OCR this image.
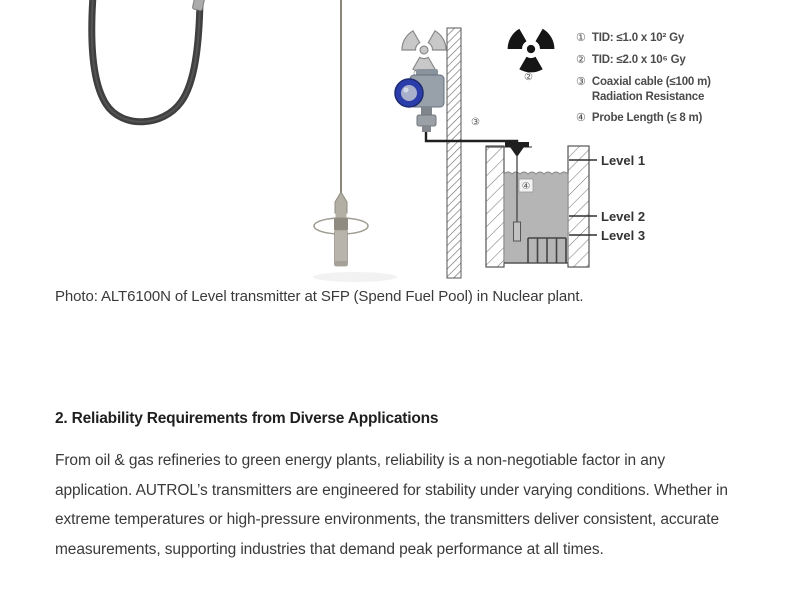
②
③
④
Level 1
Level 2
Level 3
① TID: ≤1.0 x 10² Gy
② TID: ≤2.0 x 10⁶ Gy
③ Coaxial cable (≤100 m)
Radiation Resistance
④ Probe Length (≤ 8 m)
Photo: ALT6100N of Level transmitter at SFP (Spend Fuel Pool) in Nuclear plant.
2. Reliability Requirements from Diverse Applications
From oil & gas refineries to green energy plants, reliability is a non-negotiable factor in any application. AUTROL’s transmitters are engineered for stability under varying conditions. Whether in extreme temperatures or high-pressure environments, the transmitters deliver consistent, accurate measurements, supporting industries that demand peak performance at all times.
